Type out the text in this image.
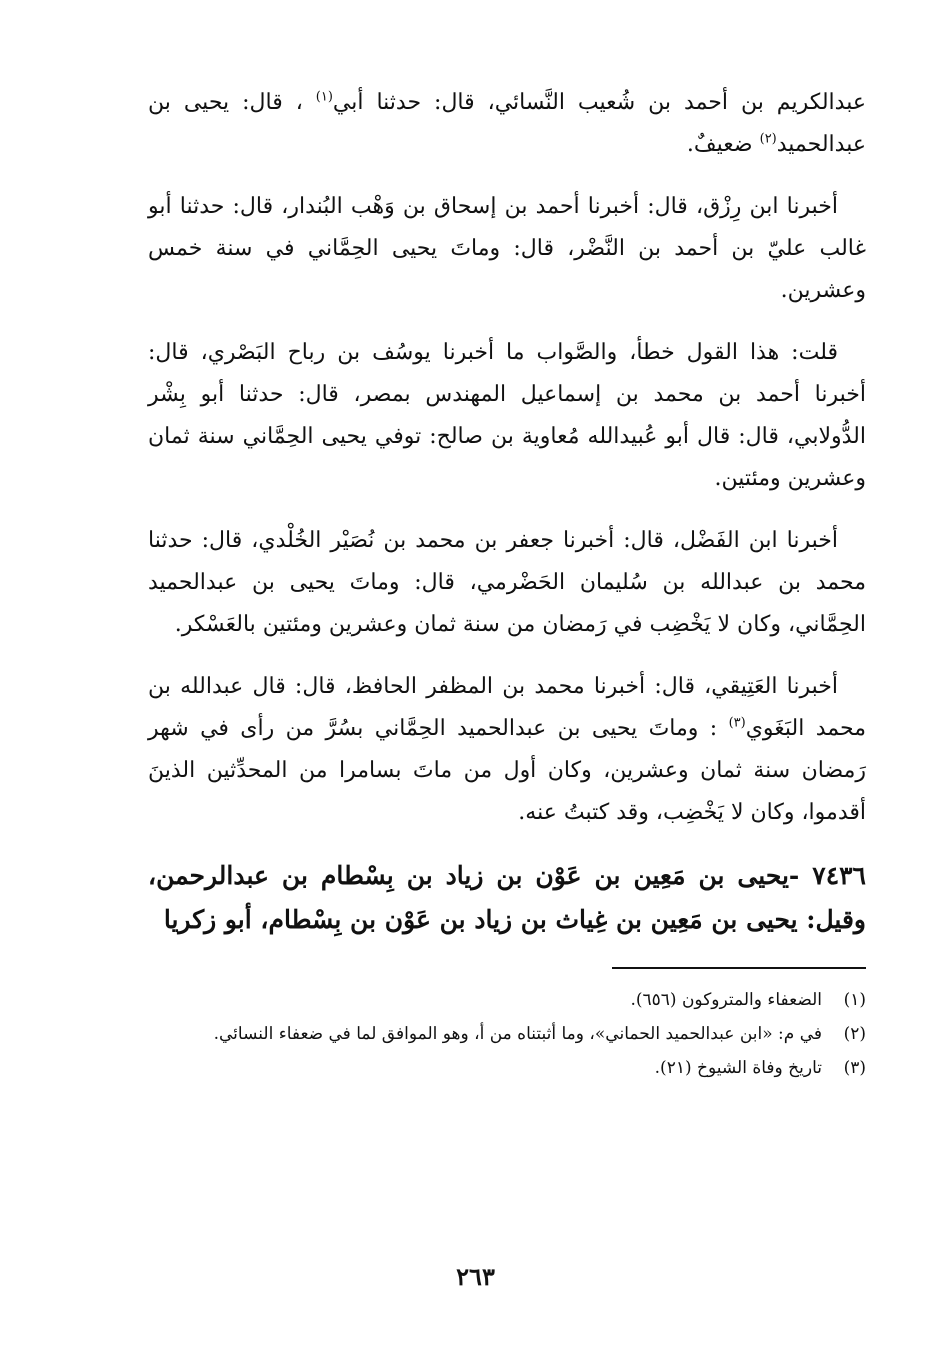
عبدالكريم بن أحمد بن شُعيب النَّسائي، قال: حدثنا أبي$^{(١)}$ ، قال: يحيى بن عبدالحميد$^{(٢)}$ ضعيفٌ.

أخبرنا ابن رِزْق، قال: أخبرنا أحمد بن إسحاق بن وَهْب البُندار، قال: حدثنا أبو غالب عليّ بن أحمد بن النَّضْر، قال: وماتَ يحيى الحِمَّاني في سنة خمس وعشرين.

قلت: هذا القول خطأ، والصَّواب ما أخبرنا يوسُف بن رباح البَصْري، قال: أخبرنا أحمد بن محمد بن إسماعيل المهندس بمصر، قال: حدثنا أبو بِشْر الدُّولابي، قال: قال أبو عُبيدالله مُعاوية بن صالح: توفي يحيى الحِمَّاني سنة ثمان وعشرين ومئتين.

أخبرنا ابن الفَضْل، قال: أخبرنا جعفر بن محمد بن نُصَيْر الخُلْدي، قال: حدثنا محمد بن عبدالله بن سُليمان الحَضْرمي، قال: وماتَ يحيى بن عبدالحميد الحِمَّاني، وكان لا يَخْضِب في رَمضان من سنة ثمان وعشرين ومئتين بالعَسْكر.

أخبرنا العَتِيقي، قال: أخبرنا محمد بن المظفر الحافظ، قال: قال عبدالله بن محمد البَغَوي$^{(٣)}$ : وماتَ يحيى بن عبدالحميد الحِمَّاني بسُرَّ من رأى في شهر رَمضان سنة ثمان وعشرين، وكان أول من ماتَ بسامرا من المحدِّثين الذينَ أقدموا، وكان لا يَخْضِب، وقد كتبتُ عنه.

٧٤٣٦ -يحيى بن مَعِين بن عَوْن بن زياد بن بِسْطام بن عبدالرحمن، وقيل: يحيى بن مَعِين بن غِياث بن زياد بن عَوْن بن بِسْطام، أبو زكريا

(١)
الضعفاء والمتروكون (٦٥٦).
(٢)
في م: «ابن عبدالحميد الحماني»، وما أثبتناه من أ، وهو الموافق لما في ضعفاء النسائي.
(٣)
تاريخ وفاة الشيوخ (٢١).
٢٦٣
